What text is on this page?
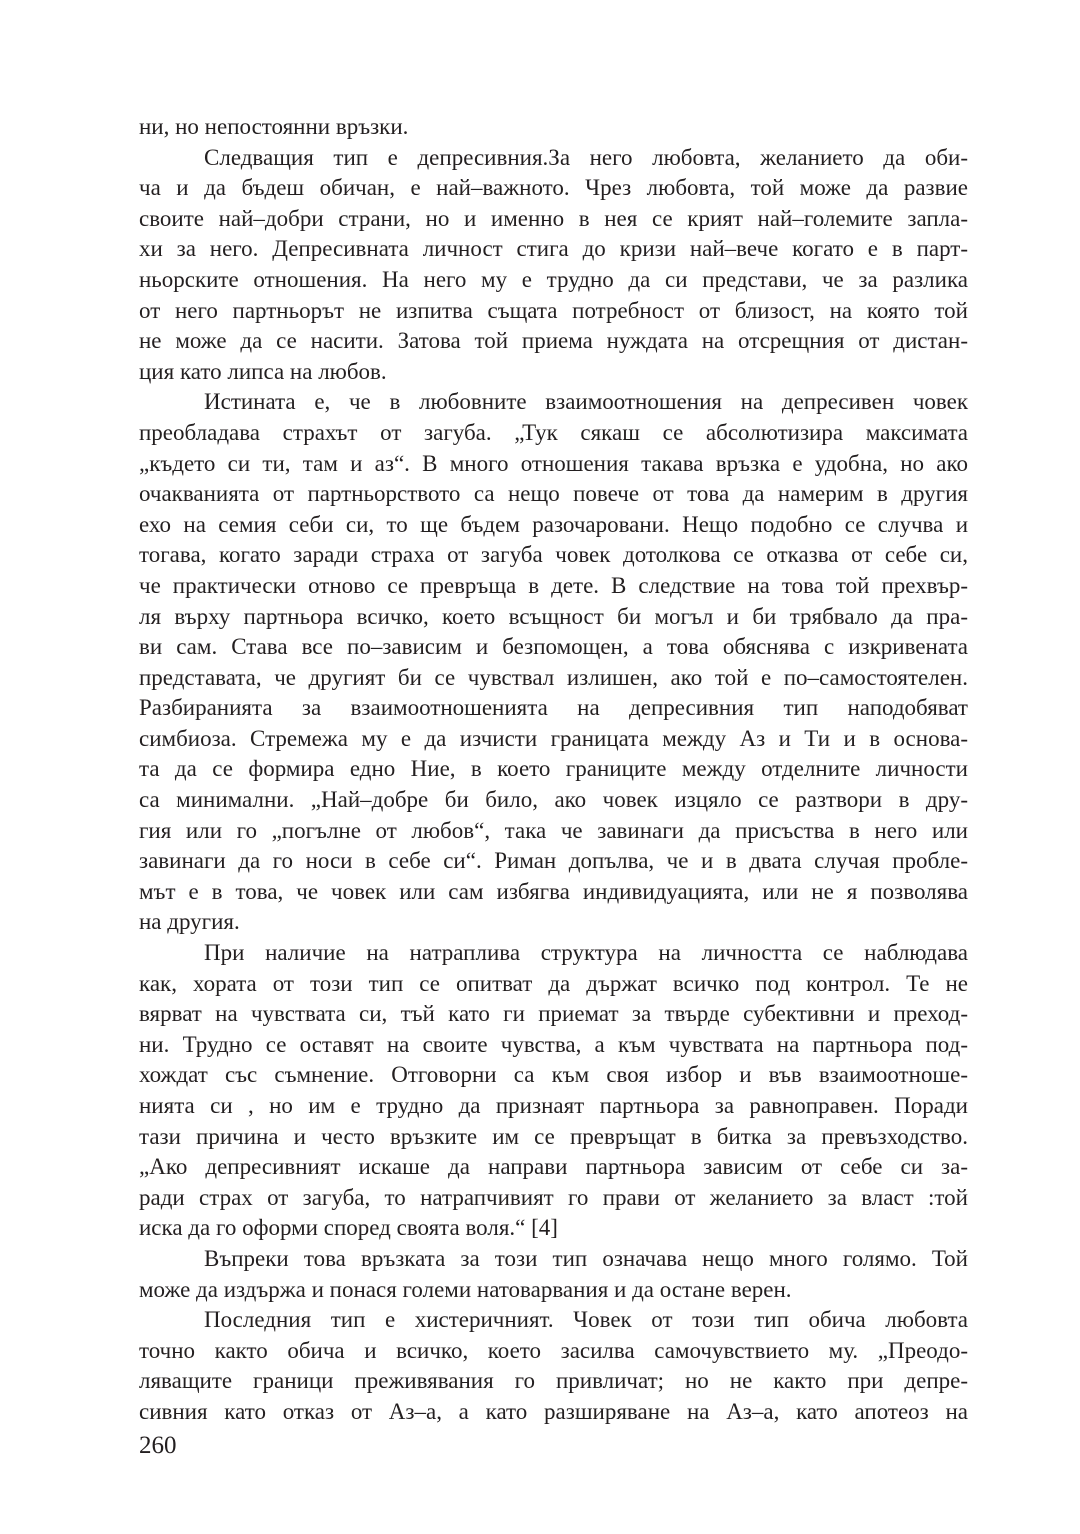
ни, но непостоянни връзки.
Следващия тип е депресивния.За него любовта, желанието да оби-
ча и да бъдеш обичан, е най–важното. Чрез любовта, той може да развие
своите най–добри страни, но и именно в нея се крият най–големите запла-
хи за него. Депресивната личност стига до кризи най–вече когато е в парт-
ньорските отношения. На него му е трудно да си представи, че за разлика
от него партньорът не изпитва същата потребност от близост, на която той
не може да се насити. Затова той приема нуждата на отсрещния от дистан-
ция като липса на любов.
Истината е, че в любовните взаимоотношения на депресивен човек
преобладава страхът от загуба. „Тук сякаш се абсолютизира максимата
„където си ти, там и аз“. В много отношения такава връзка е удобна, но ако
очакванията от партньорството са нещо повече от това да намерим в другия
ехо на семия себи си, то ще бъдем разочаровани. Нещо подобно се случва и
тогава, когато заради страха от загуба човек дотолкова се отказва от себе си,
че практически отново се превръща в дете. В следствие на това той прехвър-
ля върху партньора всичко, което всъщност би могъл и би трябвало да пра-
ви сам. Става все по–зависим и безпомощен, а това обяснява с изкривената
представата, че другият би се чувствал излишен, ако той е по–самостоятелен.
Разбиранията за взаимоотношенията на депресивния тип наподобяват
симбиоза. Стремежа му е да изчисти границата между Аз и Ти и в основа-
та да се формира едно Ние, в което границите между отделните личности
са минимални. „Най–добре би било, ако човек изцяло се разтвори в дру-
гия или го „погълне от любов“, така че завинаги да присъства в него или
завинаги да го носи в себе си“. Риман допълва, че и в двата случая пробле-
мът е в това, че човек или сам избягва индивидуацията, или не я позволява
на другия.
При наличие на натраплива структура на личността се наблюдава
как, хората от този тип се опитват да държат всичко под контрол. Те не
вярват на чувствата си, тъй като ги приемат за твърде субективни и преход-
ни. Трудно се оставят на своите чувства, а към чувствата на партньора под-
хождат със съмнение. Отговорни са към своя избор и във взаимоотноше-
нията си , но им е трудно да признаят партньора за равноправен. Поради
тази причина и често връзките им се превръщат в битка за превъзходство.
„Ако депресивният искаше да направи партньора зависим от себе си за-
ради страх от загуба, то натрапчивият го прави от желанието за власт :той
иска да го оформи според своята воля.“ [4]
Въпреки това връзката за този тип означава нещо много голямо. Той
може да издържа и понася големи натоварвания и да остане верен.
Последния тип е хистеричният. Човек от този тип обича любовта
точно както обича и всичко, което засилва самочувствието му. „Преодо-
ляващите граници преживявания го привличат; но не както при депре-
сивния като отказ от Аз–а, а като разширяване на Аз–а, като апотеоз на
260
